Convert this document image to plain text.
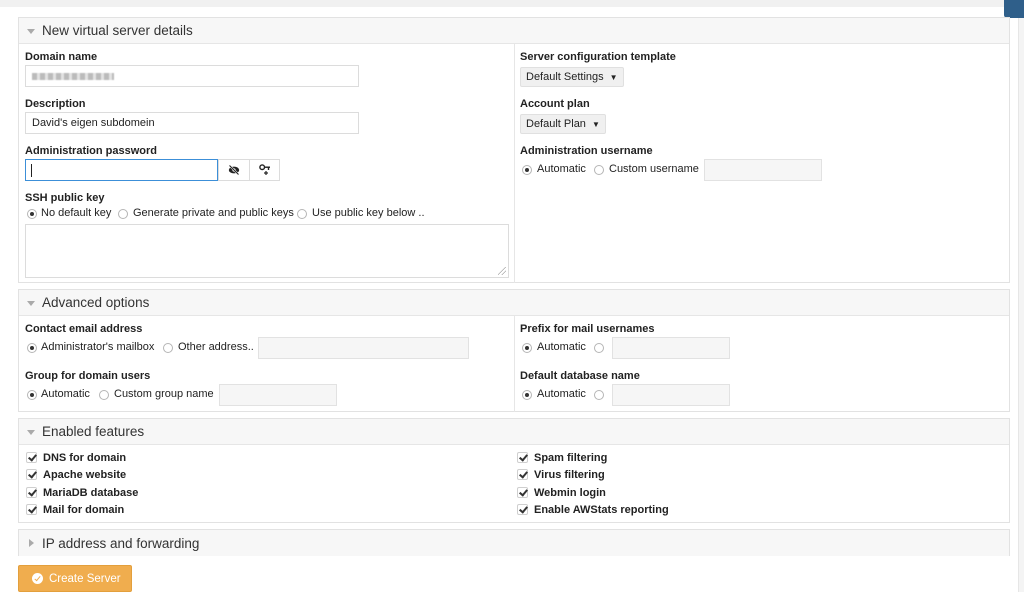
New virtual server details
Domain name
Description
David's eigen subdomein
Administration password
SSH public key
No default key Generate private and public keys Use public key below ..
Server configuration template
Default Settings ▼
Account plan
Default Plan ▼
Administration username
Automatic Custom username
Advanced options
Contact email address
Administrator's mailbox Other address..
Group for domain users
Automatic Custom group name
Prefix for mail usernames
Automatic
Default database name
Automatic
Enabled features
DNS for domain
Apache website
MariaDB database
Mail for domain
Spam filtering
Virus filtering
Webmin login
Enable AWStats reporting
IP address and forwarding
Create Server
